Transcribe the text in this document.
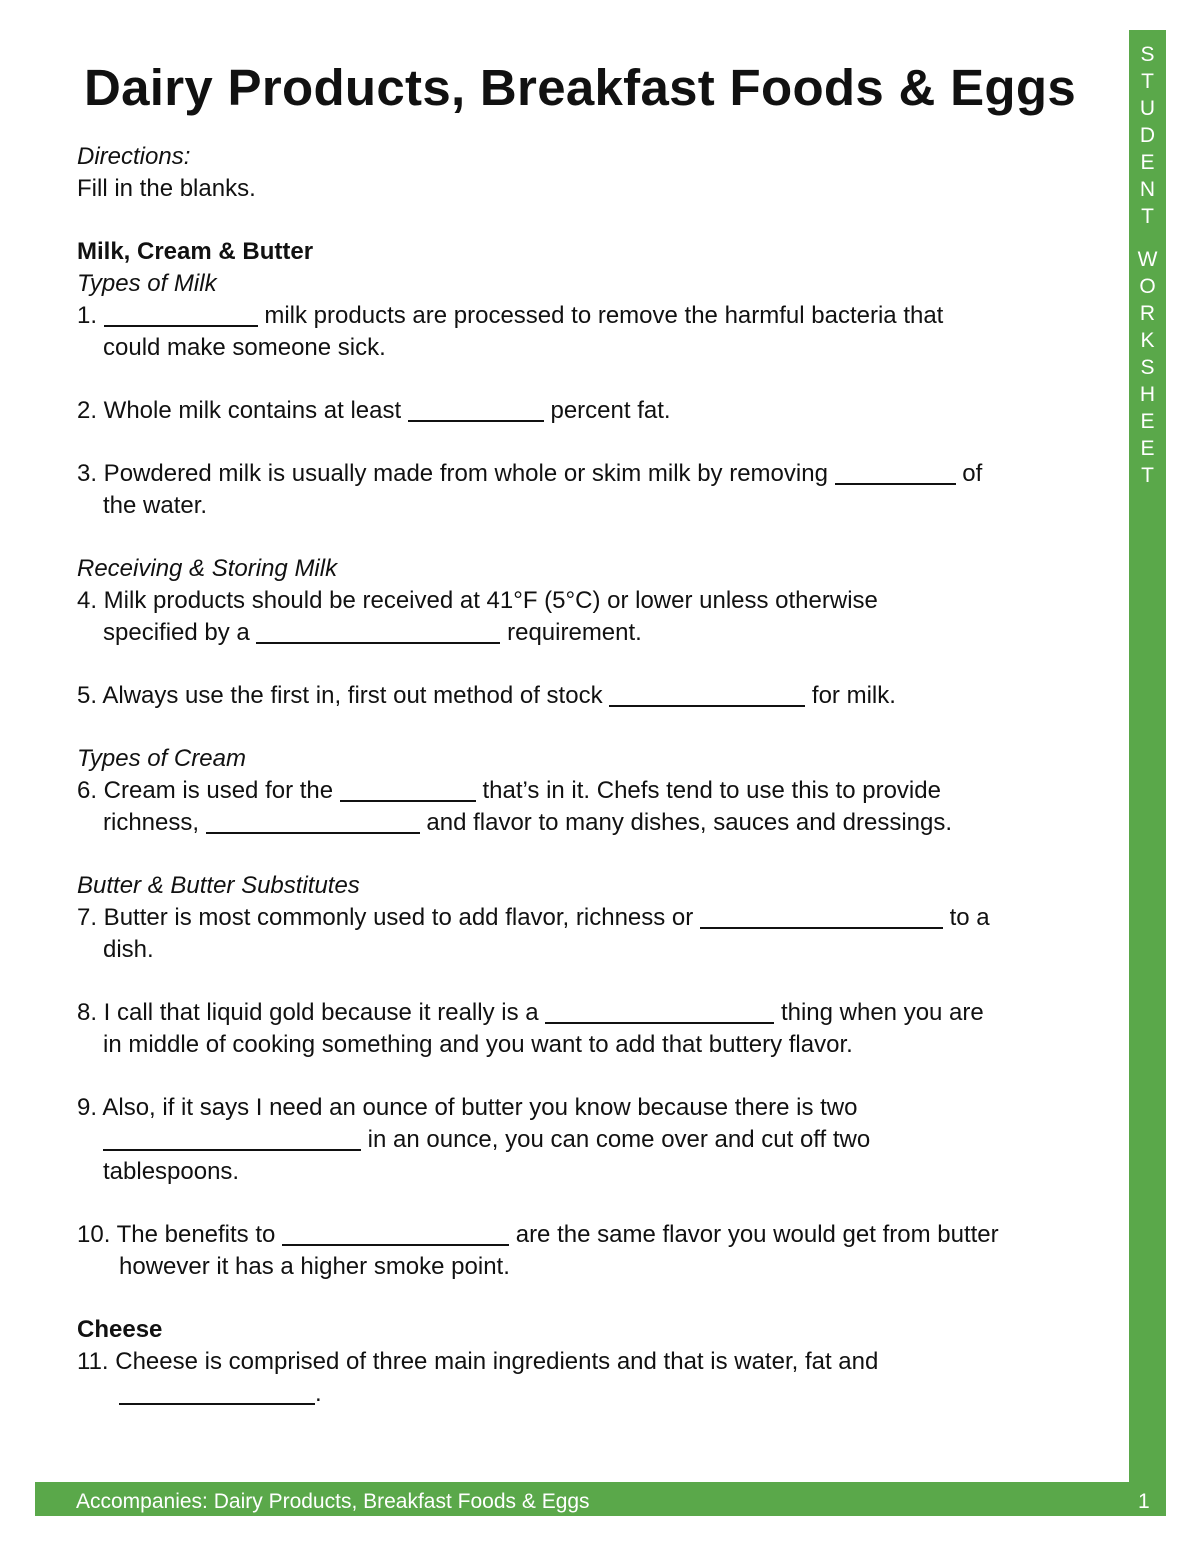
Dairy Products, Breakfast Foods & Eggs

Directions:

Fill in the blanks.

Milk, Cream & Butter

Types of Milk

1.	milk products are processed to remove the harmful bacteria that
could make someone sick.

2. Whole milk contains at least	percent fat.

3. Powdered milk is usually made from whole or skim milk by removing	of
the water.

Receiving & Storing Milk

4. Milk products should be received at 41°F (5°C) or lower unless otherwise
specified by a	requirement.

5. Always use the first in, first out method of stock	for milk.

Types of Cream

6. Cream is used for the	that’s in it. Chefs tend to use this to provide
richness,	and flavor to many dishes, sauces and dressings.

Butter & Butter Substitutes

7. Butter is most commonly used to add flavor, richness or	to a
dish.

8. I call that liquid gold because it really is a	thing when you are
in middle of cooking something and you want to add that buttery flavor.

9. Also, if it says I need an ounce of butter you know because there is two
in an ounce, you can come over and cut off two
tablespoons.

10. The benefits to	are the same flavor you would get from butter
however it has a higher smoke point.

Cheese

11. Cheese is comprised of three main ingredients and that is water, fat and
.

S
T
U
D
E
N
T
W
O
R
K
S
H
E
E
T
Accompanies: Dairy Products, Breakfast Foods & Eggs	1
